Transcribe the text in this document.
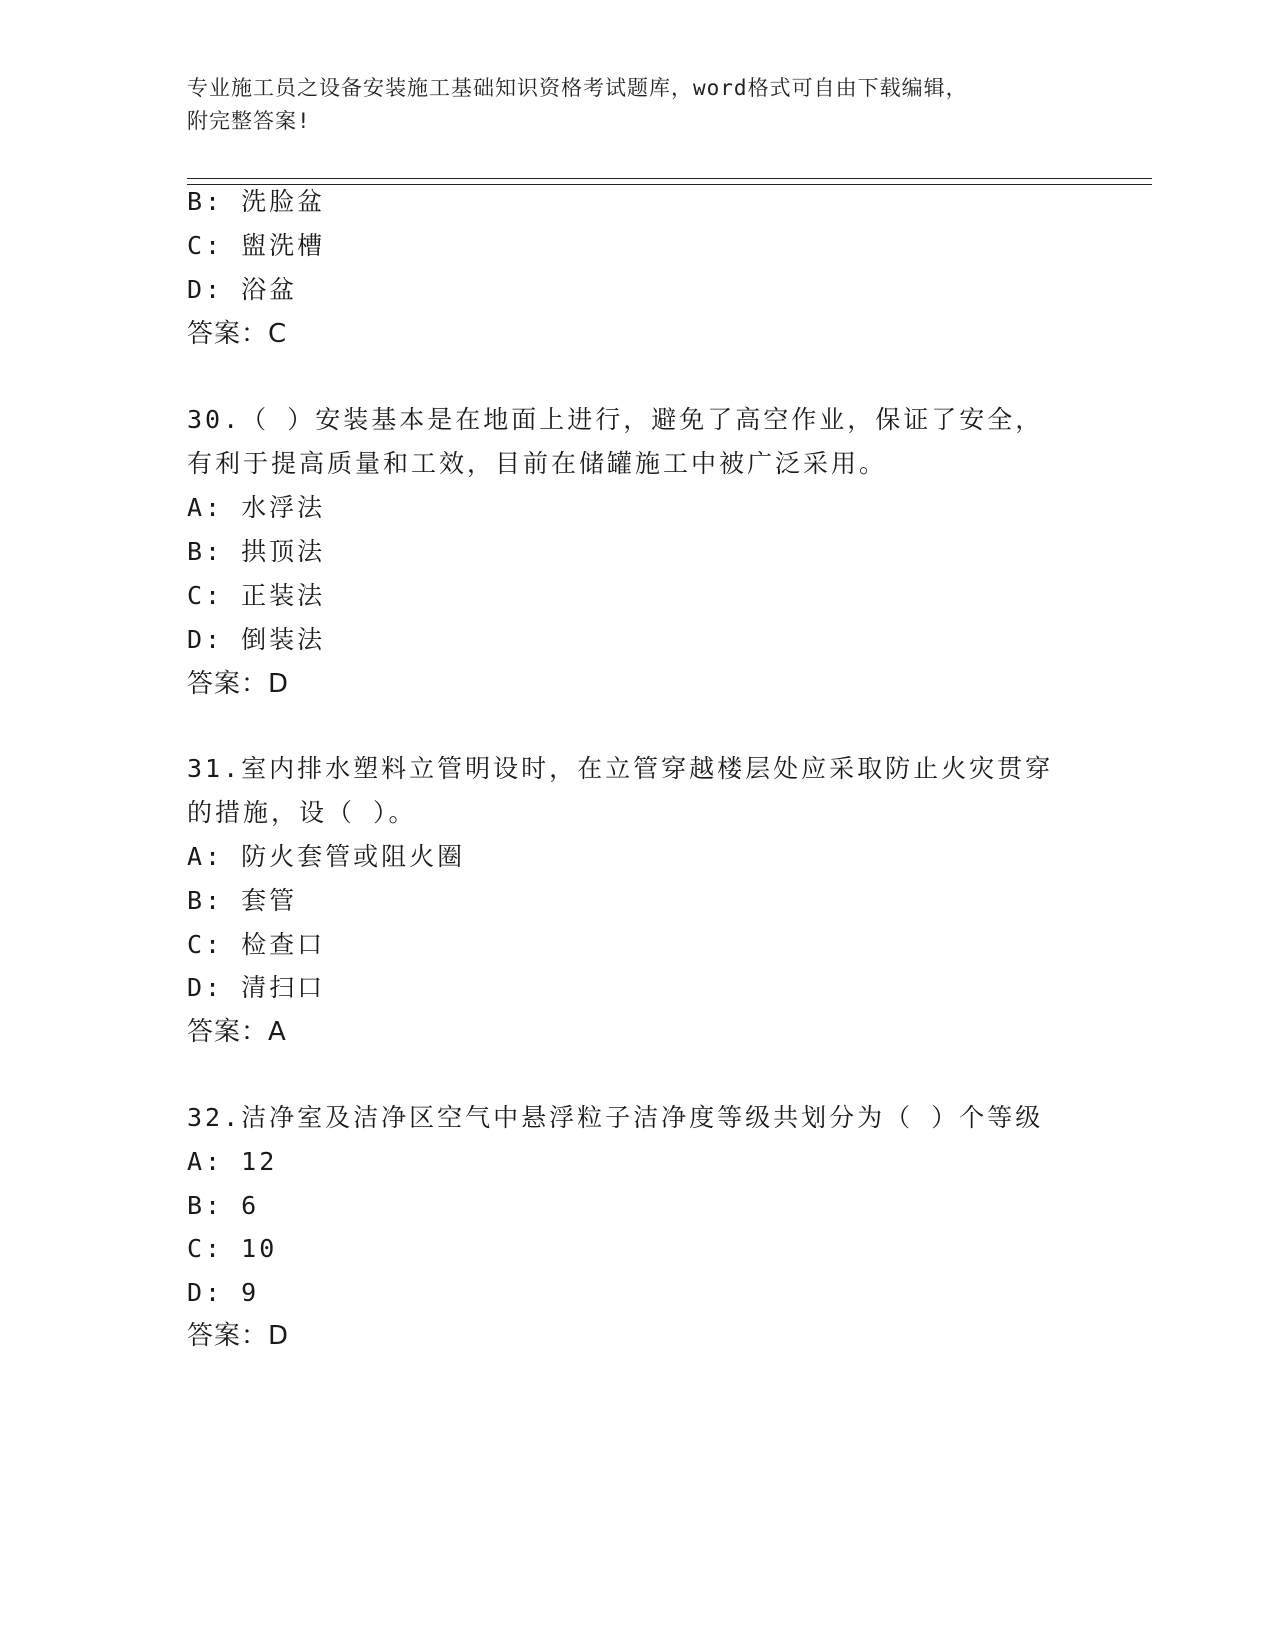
专业施工员之设备安装施工基础知识资格考试题库，word格式可自由下载编辑，
附完整答案!
B: 洗脸盆
C: 盥洗槽
D: 浴盆
答案：C
30.（ ）安装基本是在地面上进行，避免了高空作业，保证了安全，
有利于提高质量和工效，目前在储罐施工中被广泛采用。
A: 水浮法
B: 拱顶法
C: 正装法
D: 倒装法
答案：D
31.室内排水塑料立管明设时，在立管穿越楼层处应采取防止火灾贯穿
的措施，设（ ）。
A: 防火套管或阻火圈
B: 套管
C: 检查口
D: 清扫口
答案：A
32.洁净室及洁净区空气中悬浮粒子洁净度等级共划分为（ ）个等级
A: 12
B: 6
C: 10
D: 9
答案：D
